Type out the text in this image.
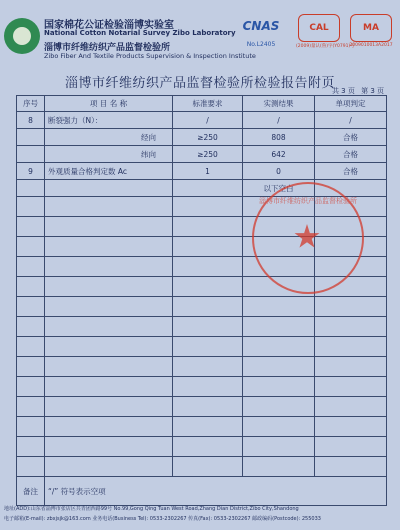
国家棉花公证检验淄博实验室
National Cotton Notarial Survey Zibo Laboratory
淄博市纤维纺织产品监督检验所
Zibo Fiber And Textile Products Supervision & Inspection Institute
CNAS
No.L2405
CAL
(2009)量认(鲁)字(Y0791)号
MA
2009010013A2017
淄博市纤维纺织产品监督检验所检验报告附页
共 3 页 第 3 页
序号	项 目 名 称	标准要求	实测结果	单项判定
8	断裂强力（N）：	/	/	/
	经向	≥250	808	合格
	纬向	≥250	642	合格
9	外观质量合格判定数 Ac	1	0	合格
			以下空白	

备注	“/” 符号表示空项			
淄博市纤维纺织产品监督检验所
地址(ADD):山东省淄博市张店区共青团西路99号 No.99,Gong Qing Tuan West Road,Zhang Dian District,Zibo City,Shandong
电子邮箱(E-mail): zbxjsjk@163.com 业务电话(Business Tel): 0533-2302267 传真(Fax): 0533-2302267 邮政编码(Postcode): 255033
